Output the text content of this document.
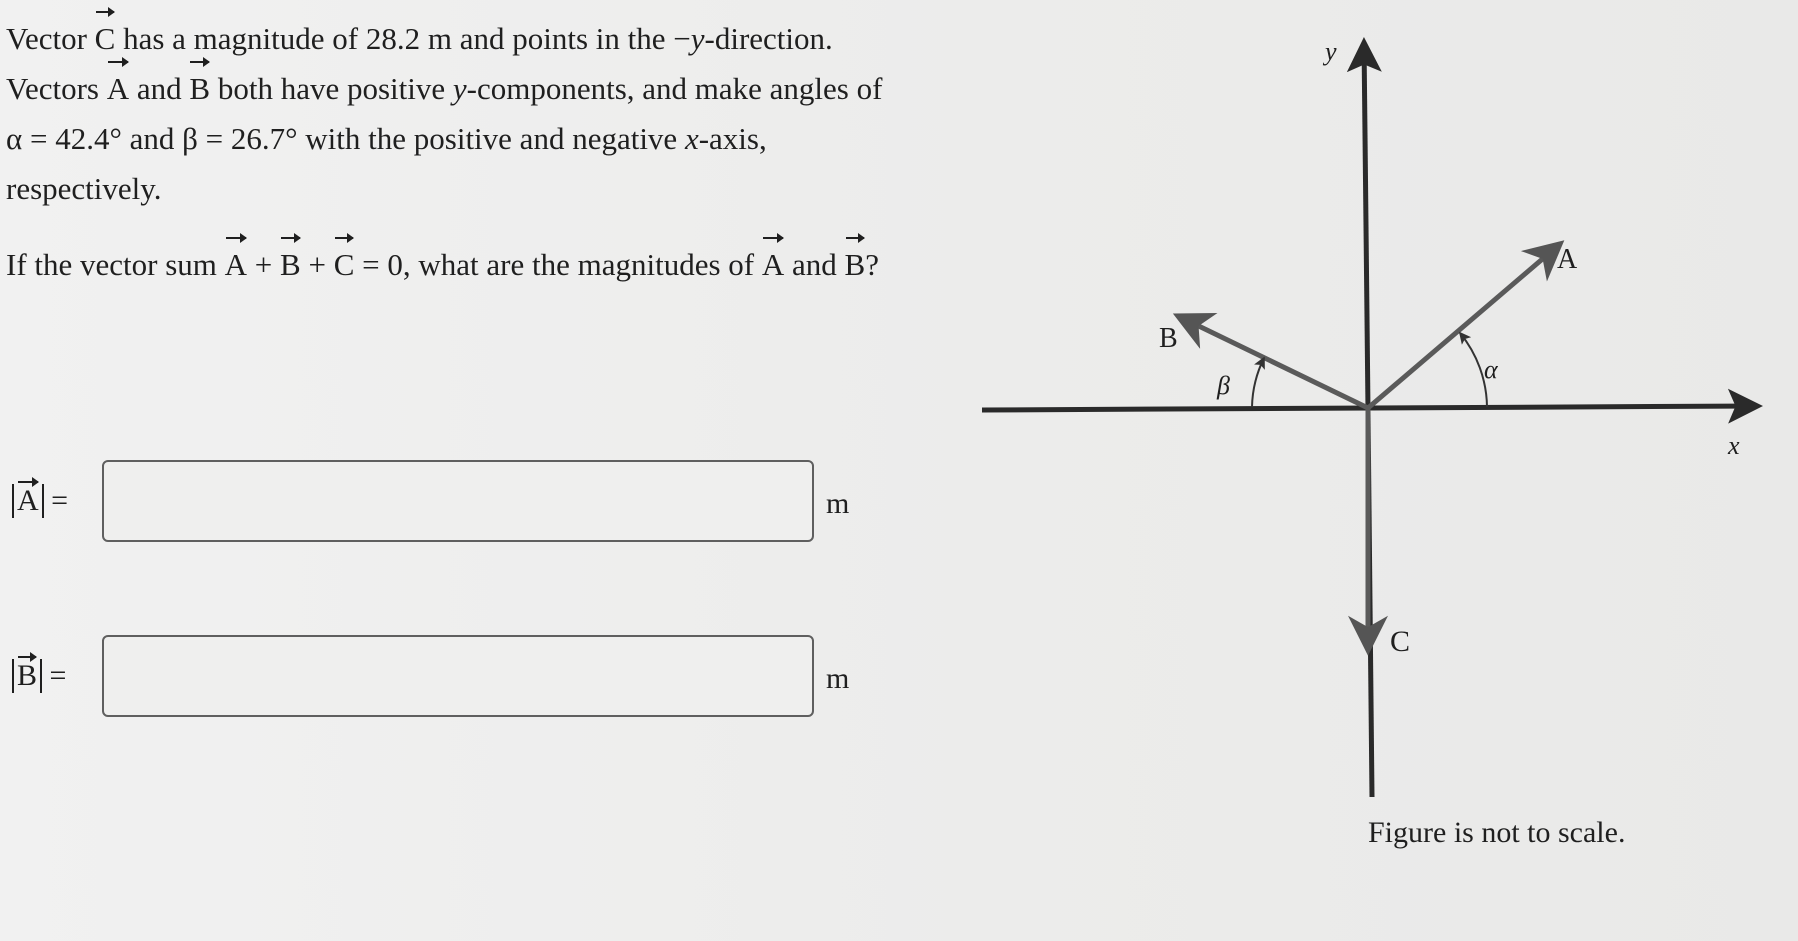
Vector C has a magnitude of 28.2 m and points in the −y-direction. Vectors A and B both have positive y-components, and make angles of α = 42.4° and β = 26.7° with the positive and negative x-axis, respectively.

If the vector sum A + B + C = 0, what are the magnitudes of A and B?

A =	m
B =	m
y
x
A
B
C
α
β
Figure is not to scale.
